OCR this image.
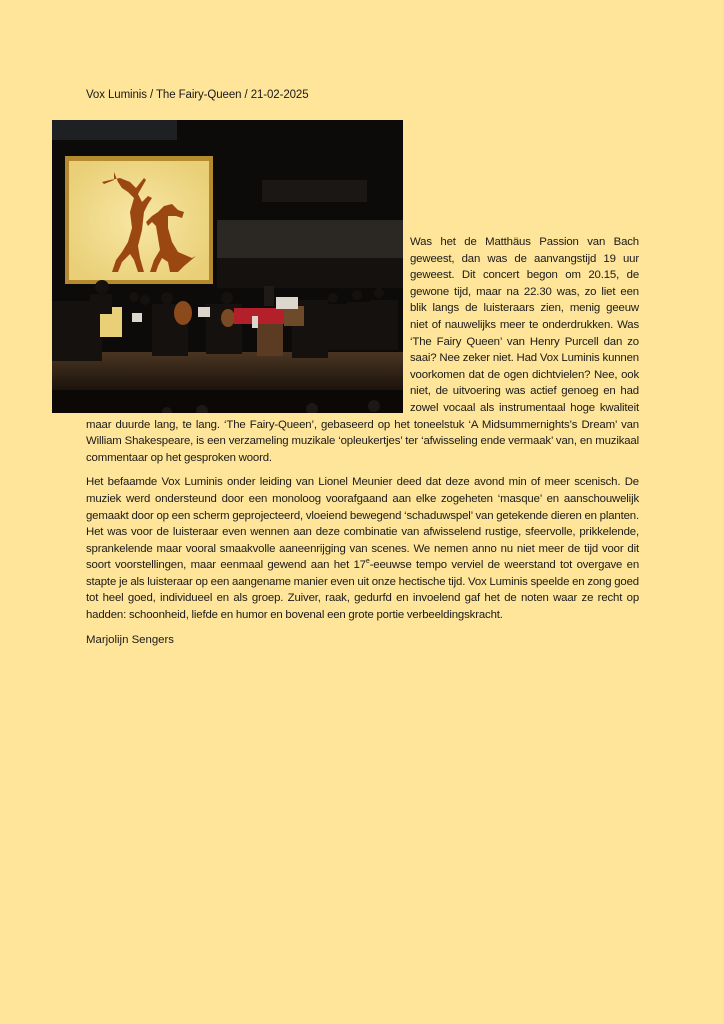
Vox Luminis / The Fairy-Queen / 21-02-2025

Was het de Matthäus Passion van Bach geweest, dan was de aanvangstijd 19 uur geweest. Dit concert begon om 20.15, de gewone tijd, maar na 22.30 was, zo liet een blik langs de luisteraars zien, menig geeuw niet of nauwelijks meer te onderdrukken. Was ‘The Fairy Queen’ van Henry Purcell dan zo saai? Nee zeker niet. Had Vox Luminis kunnen voorkomen dat de ogen dichtvielen? Nee, ook niet, de uitvoering was actief genoeg en had zowel vocaal als instrumentaal hoge kwaliteit maar duurde lang, te lang. ‘The Fairy-Queen’, gebaseerd op het toneelstuk ‘A Midsummernights’s Dream’ van William Shakespeare, is een verzameling muzikale ‘opleukertjes’ ter ‘afwisseling ende vermaak’ van, en muzikaal commentaar op het gesproken woord.

Het befaamde Vox Luminis onder leiding van Lionel Meunier deed dat deze avond min of meer scenisch. De muziek werd ondersteund door een monoloog voorafgaand aan elke zogeheten ‘masque’ en aanschouwelijk gemaakt door op een scherm geprojecteerd, vloeiend bewegend ‘schaduwspel’ van getekende dieren en planten. Het was voor de luisteraar even wennen aan deze combinatie van afwisselend rustige, sfeervolle, prikkelende, sprankelende maar vooral smaakvolle aaneenrijging van scenes. We nemen anno nu niet meer de tijd voor dit soort voorstellingen, maar eenmaal gewend aan het 17e-eeuwse tempo verviel de weerstand tot overgave en stapte je als luisteraar op een aangename manier even uit onze hectische tijd. Vox Luminis speelde en zong goed tot heel goed, individueel en als groep. Zuiver, raak, gedurfd en invoelend gaf het de noten waar ze recht op hadden: schoonheid, liefde en humor en bovenal een grote portie verbeeldingskracht.

Marjolijn Sengers
